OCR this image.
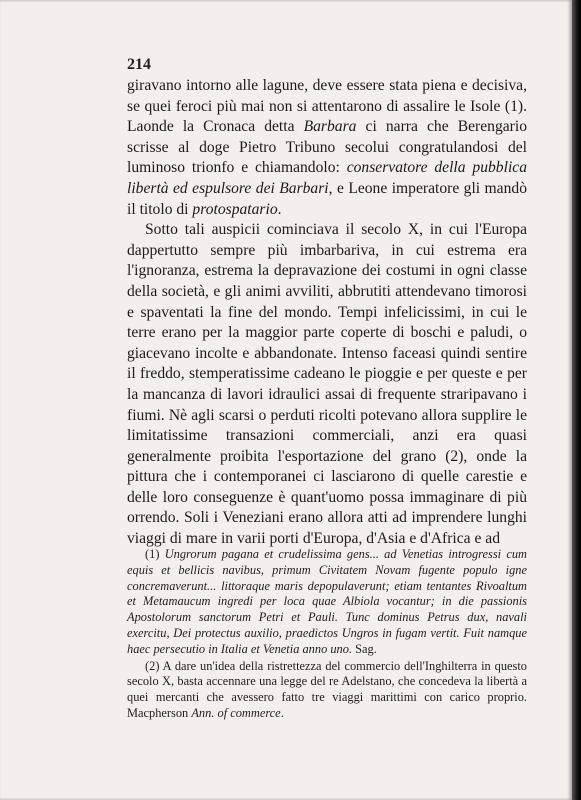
214

giravano intorno alle lagune, deve essere stata piena e decisiva, se quei feroci più mai non si attentarono di assalire le Isole (1). Laonde la Cronaca detta Barbara ci narra che Berengario scrisse al doge Pietro Tribuno secolui congratulandosi del luminoso trionfo e chiamandolo: conservatore della pubblica libertà ed espulsore dei Barbari, e Leone imperatore gli mandò il titolo di protospatario.

Sotto tali auspicii cominciava il secolo X, in cui l'Europa dappertutto sempre più imbarbariva, in cui estrema era l'ignoranza, estrema la depravazione dei costumi in ogni classe della società, e gli animi avviliti, abbrutiti attendevano timorosi e spaventati la fine del mondo. Tempi infelicissimi, in cui le terre erano per la maggior parte coperte di boschi e paludi, o giacevano incolte e abbandonate. Intenso faceasi quindi sentire il freddo, stemperatissime cadeano le pioggie e per queste e per la mancanza di lavori idraulici assai di frequente straripavano i fiumi. Nè agli scarsi o perduti ricolti potevano allora supplire le limitatissime transazioni commerciali, anzi era quasi generalmente proibita l'esportazione del grano (2), onde la pittura che i contemporanei ci lasciarono di quelle carestie e delle loro conseguenze è quant'uomo possa immaginare di più orrendo. Soli i Veneziani erano allora atti ad imprendere lunghi viaggi di mare in varii porti d'Europa, d'Asia e d'Africa e ad

(1) Ungrorum pagana et crudelissima gens... ad Venetias introgressi cum equis et bellicis navibus, primum Civitatem Novam fugente populo igne concremaverunt... littoraque maris depopulaverunt; etiam tentantes Rivoaltum et Metamaucum ingredi per loca quae Albiola vocantur; in die passionis Apostolorum sanctorum Petri et Pauli. Tunc dominus Petrus dux, navali exercitu, Dei protectus auxilio, praedictos Ungros in fugam vertit. Fuit namque haec persecutio in Italia et Venetia anno uno. Sag.

(2) A dare un'idea della ristrettezza del commercio dell'Inghilterra in questo secolo X, basta accennare una legge del re Adelstano, che concedeva la libertà a quei mercanti che avessero fatto tre viaggi marittimi con carico proprio. Macpherson Ann. of commerce.
